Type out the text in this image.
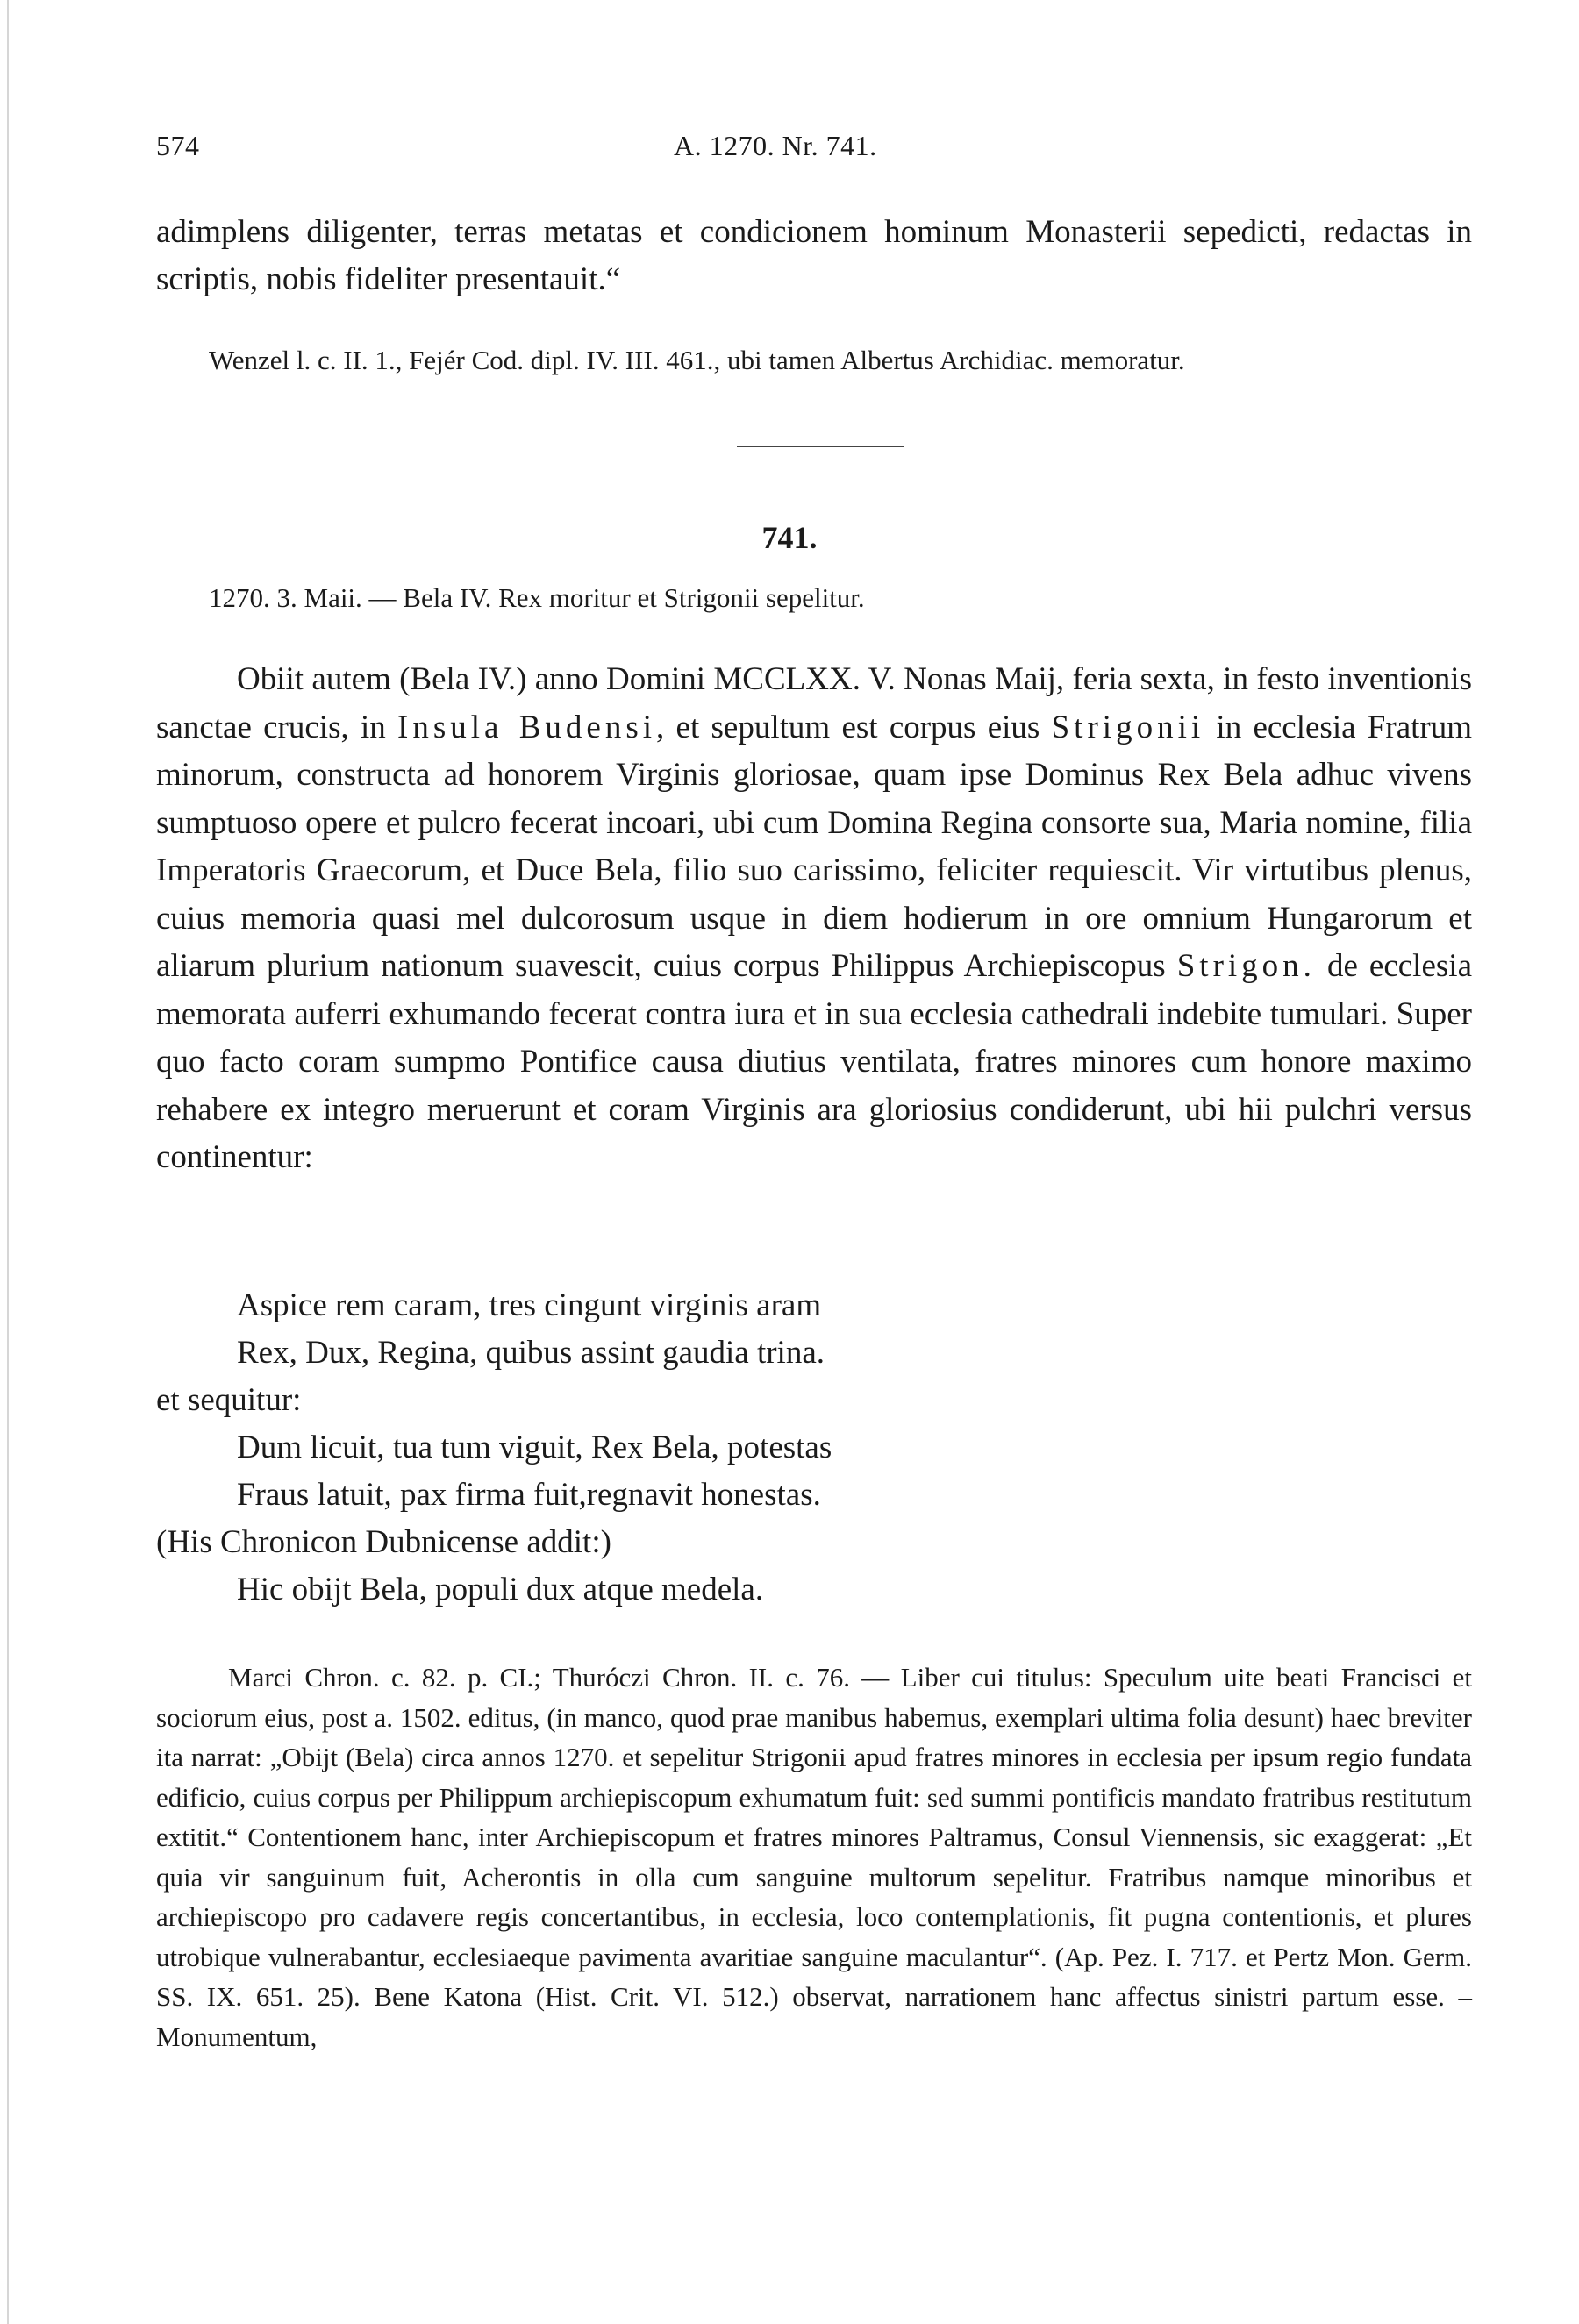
574	A. 1270. Nr. 741.
adimplens diligenter, terras metatas et condicionem hominum Monasterii sepedicti, redactas in scriptis, nobis fideliter presentauit.“
Wenzel l. c. II. 1., Fejér Cod. dipl. IV. III. 461., ubi tamen Albertus Archidiac. memoratur.
741.
1270. 3. Maii. — Bela IV. Rex moritur et Strigonii sepelitur.

Obiit autem (Bela IV.) anno Domini MCCLXX. V. Nonas Maij, feria sexta, in festo inventionis sanctae crucis, in Insula Budensi, et sepultum est corpus eius Strigonii in ecclesia Fratrum minorum, constructa ad honorem Virginis gloriosae, quam ipse Dominus Rex Bela adhuc vivens sumptuoso opere et pulcro fecerat incoari, ubi cum Domina Regina consorte sua, Maria nomine, filia Imperatoris Graecorum, et Duce Bela, filio suo carissimo, feliciter requiescit. Vir virtutibus plenus, cuius memoria quasi mel dulcorosum usque in diem hodierum in ore omnium Hungarorum et aliarum plurium nationum suavescit, cuius corpus Philippus Archiepiscopus Strigon. de ecclesia memorata auferri exhumando fecerat contra iura et in sua ecclesia cathedrali indebite tumulari. Super quo facto coram sumpmo Pontifice causa diutius ventilata, fratres minores cum honore maximo rehabere ex integro meruerunt et coram Virginis ara gloriosius condiderunt, ubi hii pulchri versus continentur:

Aspice rem caram, tres cingunt virginis aram
Rex, Dux, Regina, quibus assint gaudia trina.
et sequitur:
Dum licuit, tua tum viguit, Rex Bela, potestas
Fraus latuit, pax firma fuit,regnavit honestas.
(His Chronicon Dubnicense addit:)
Hic obijt Bela, populi dux atque medela.

Marci Chron. c. 82. p. CI.; Thuróczi Chron. II. c. 76. — Liber cui titulus: Speculum uite beati Francisci et sociorum eius, post a. 1502. editus, (in manco, quod prae manibus habemus, exemplari ultima folia desunt) haec breviter ita narrat: „Obijt (Bela) circa annos 1270. et sepelitur Strigonii apud fratres minores in ecclesia per ipsum regio fundata edificio, cuius corpus per Philippum archiepiscopum exhumatum fuit: sed summi pontificis mandato fratribus restitutum extitit.“ Contentionem hanc, inter Archiepiscopum et fratres minores Paltramus, Consul Viennensis, sic exaggerat: „Et quia vir sanguinum fuit, Acherontis in olla cum sanguine multorum sepelitur. Fratribus namque minoribus et archiepiscopo pro cadavere regis concertantibus, in ecclesia, loco contemplationis, fit pugna contentionis, et plures utrobique vulnerabantur, ecclesiaeque pavimenta avaritiae sanguine maculantur“. (Ap. Pez. I. 717. et Pertz Mon. Germ. SS. IX. 651. 25). Bene Katona (Hist. Crit. VI. 512.) observat, narrationem hanc affectus sinistri partum esse. – Monumentum,
